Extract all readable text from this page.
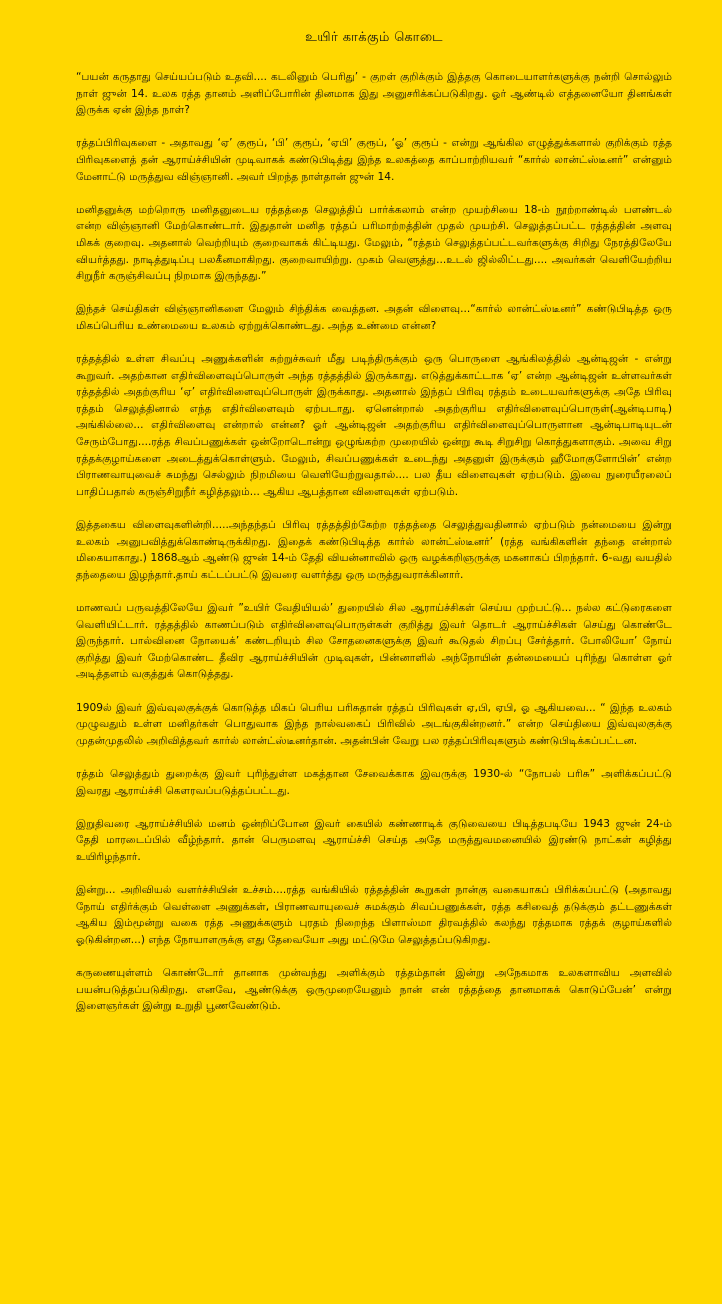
உயிர் காக்கும் கொடை

“பயன் கருதாது செய்யப்படும் உதவி.... கடலினும் பெரிது’ - குறள் குறிக்கும் இத்தகு கொடையாளர்களுக்கு நன்றி சொல்லும் நாள் ஜுன் 14. உலக ரத்த தானம் அளிப்போரின் தினமாக இது அனுசரிக்கப்படுகிறது. ஓர் ஆண்டில் எத்தனையோ தினங்கள் இருக்க ஏன் இந்த நாள்?

ரத்தப்பிரிவுகளை - அதாவது ‘ஏ’ குரூப், ‘பி’ குரூப், ‘ஏபி’ குரூப், ‘ஓ’ குரூப் - என்று ஆங்கில எழுத்துக்களால் குறிக்கும் ரத்த பிரிவுகளைத் தன் ஆராய்ச்சியின் முடிவாகக் கண்டுபிடித்து இந்த உலகத்தை காப்பாற்றியவர் “கார்ல் லான்ட்ஸ்டீனர்” என்னும் மேனாட்டு மருத்துவ விஞ்ஞானி. அவர் பிறந்த நாள்தான் ஜுன் 14.

மனிதனுக்கு மற்றொரு மனிதனுடைய ரத்தத்தை செலுத்திப் பார்க்கலாம் என்ற முயற்சியை 18-ம் நூற்றாண்டில் பளண்டல் என்ற விஞ்ஞானி மேற்கொண்டார். இதுதான் மனித ரத்தப் பரிமாற்றத்தின் முதல் முயற்சி. செலுத்தப்பட்ட ரத்தத்தின் அளவு மிகக் குறைவு. அதனால் வெற்றியும் குறைவாகக் கிட்டியது. மேலும், “ரத்தம் செலுத்தப்பட்டவர்களுக்கு சிறிது நேரத்திலேயே வியர்த்தது. நாடித்துடிப்பு பலகீனமாகிறது. குறைவாயிற்று. முகம் வெளுத்து...உடல் ஜில்லிட்டது.... அவர்கள் வெளியேற்றிய சிறுநீர் கருஞ்சிவப்பு நிறமாக இருந்தது.”

இந்தச் செய்திகள் விஞ்ஞானிகளை மேலும் சிந்திக்க வைத்தன. அதன் விளைவு...“கார்ல் லான்ட்ஸ்டீனர்” கண்டுபிடித்த ஒரு மிகப்பெரிய உண்மையை உலகம் ஏற்றுக்கொண்டது. அந்த உண்மை என்ன?

ரத்தத்தில் உள்ள சிவப்பு அணுக்களின் சுற்றுச்சுவர் மீது படிந்திருக்கும் ஒரு பொருளை ஆங்கிலத்தில் ஆன்டிஜன் - என்று கூறுவர். அதற்கான எதிர்விளைவுப்பொருள் அந்த ரத்தத்தில் இருக்காது. எடுத்துக்காட்டாக ‘ஏ’ என்ற ஆன்டிஜன் உள்ளவர்கள் ரத்தத்தில் அதற்குரிய ‘ஏ’ எதிர்விளைவுப்பொருள் இருக்காது. அதனால் இந்தப் பிரிவு ரத்தம் உடையவர்களுக்கு அதே பிரிவு ரத்தம் செலுத்தினால் எந்த எதிர்விளைவும் ஏற்படாது. ஏனென்றால் அதற்குரிய எதிர்விளைவுப்பொருள்(ஆன்டிபாடி) அங்கில்லை... எதிர்விளைவு என்றால் என்ன? ஓர் ஆன்டிஜன் அதற்குரிய எதிர்விளைவுப்பொருளான ஆன்டிபாடியுடன் சேரும்போது....ரத்த சிவப்பணுக்கள் ஒன்றோடொன்று ஒழுங்கற்ற முறையில் ஒன்று கூடி சிறுசிறு கொத்துகளாகும். அவை சிறு ரத்தக்குழாய்களை அடைத்துக்கொள்ளும். மேலும், சிவப்பணுக்கள் உடைந்து அதனுள் இருக்கும் ஹீமோகுளோபின்’ என்ற பிராணவாயுவைச் சுமந்து செல்லும் நிறமியை வெளியேற்றுவதால்.... பல தீய விளைவுகள் ஏற்படும். இவை நுரையீரலைப் பாதிப்பதால் கருஞ்சிறுநீர் கழித்தலும்... ஆகிய ஆபத்தான விளைவுகள் ஏற்படும்.

இத்தகைய விளைவுகளின்றி.....அந்தந்தப் பிரிவு ரத்தத்திற்கேற்ற ரத்தத்தை செலுத்துவதினால் ஏற்படும் நன்மையை இன்று உலகம் அனுபவித்துக்கொண்டிருக்கிறது. இதைக் கண்டுபிடித்த கார்ல் லான்ட்ஸ்டீனர்’ (ரத்த வங்கிகளின் தந்தை என்றால் மிகையாகாது.) 1868ஆம் ஆண்டு ஜுன் 14-ம் தேதி வியன்னாவில் ஒரு வழக்கறிஞருக்கு மகனாகப் பிறந்தார். 6-வது வயதில் தந்தையை இழந்தார்.தாய் கட்டப்பட்டு இவரை வளர்த்து ஒரு மருத்துவராக்கினார்.

மாணவப் பருவத்திலேயே இவர் ”உயிர் வேதியியல்’ துறையில் சில ஆராய்ச்சிகள் செய்ய முற்பட்டு... நல்ல கட்டுரைகளை வெளியிட்டார். ரத்தத்தில் காணப்படும் எதிர்விளைவுபொருள்கள் குறித்து இவர் தொடர் ஆராய்ச்சிகள் செய்து கொண்டே இருந்தார். பால்வினை நோயைக்’ கண்டறியும் சில சோதனைகளுக்கு இவர் கூடுதல் சிறப்பு சேர்த்தார். போலியோ’ நோய் குறித்து இவர் மேற்கொண்ட தீவிர ஆராய்ச்சியின் முடிவுகள், பின்னாளில் அந்நோயின் தன்மையைப் புரிந்து கொள்ள ஓர் அடித்தளம் வகுத்துக் கொடுத்தது.

1909ல் இவர் இவ்வுலகுக்குக் கொடுத்த மிகப் பெரிய பரிசுதான் ரத்தப் பிரிவுகள் ஏ,பி, ஏபி, ஓ ஆகியவை... “ இந்த உலகம் முழுவதும் உள்ள மனிதர்கள் பொதுவாக இந்த நால்வகைப் பிரிவில் அடங்குகின்றனர்.” என்ற செய்தியை இவ்வுலகுக்கு முதன்முதலில் அறிவித்தவர் கார்ல் லான்ட்ஸ்டீனர்தான். அதன்பின் வேறு பல ரத்தப்பிரிவுகளும் கண்டுபிடிக்கப்பட்டன.

ரத்தம் செலுத்தும் துறைக்கு இவர் புரிந்துள்ள மகத்தான சேவைக்காக இவருக்கு 1930-ல் “நோபல் பரிசு” அளிக்கப்பட்டு இவரது ஆராய்ச்சி கௌரவப்படுத்தப்பட்டது.

இறுதிவரை ஆராய்ச்சியில் மனம் ஒன்றிப்போன இவர் கையில் கண்ணாடிக் குடுவையை பிடித்தபடியே 1943 ஜுன் 24-ம் தேதி மாரடைப்பில் வீழ்ந்தார். தான் பெருமளவு ஆராய்ச்சி செய்த அதே மருத்துவமனையில் இரண்டு நாட்கள் கழித்து உயிரிழந்தார்.

இன்று... அறிவியல் வளர்ச்சியின் உச்சம்....ரத்த வங்கியில் ரத்தத்தின் கூறுகள் நான்கு வகையாகப் பிரிக்கப்பட்டு (அதாவது நோய் எதிர்க்கும் வெள்ளை அணுக்கள், பிராணவாயுவைச் சுமக்கும் சிவப்பணுக்கள், ரத்த கசிவைத் தடுக்கும் தட்டணுக்கள் ஆகிய இம்மூன்று வகை ரத்த அணுக்களும் புரதம் நிறைந்த பிளாஸ்மா திரவத்தில் கலந்து ரத்தமாக ரத்தக் குழாய்களில் ஓடுகின்றன...) எந்த நோயாளருக்கு எது தேவையோ அது மட்டுமே செலுத்தப்படுகிறது.

கருணையுள்ளம் கொண்டோர் தானாக முன்வந்து அளிக்கும் ரத்தம்தான் இன்று அநேகமாக உலகளாவிய அளவில் பயன்படுத்தப்படுகிறது. எனவே, ஆண்டுக்கு ஒருமுறையேனும் நான் என் ரத்தத்தை தானமாகக் கொடுப்பேன்’ என்று இளைஞர்கள் இன்று உறுதி பூணவேண்டும்.
